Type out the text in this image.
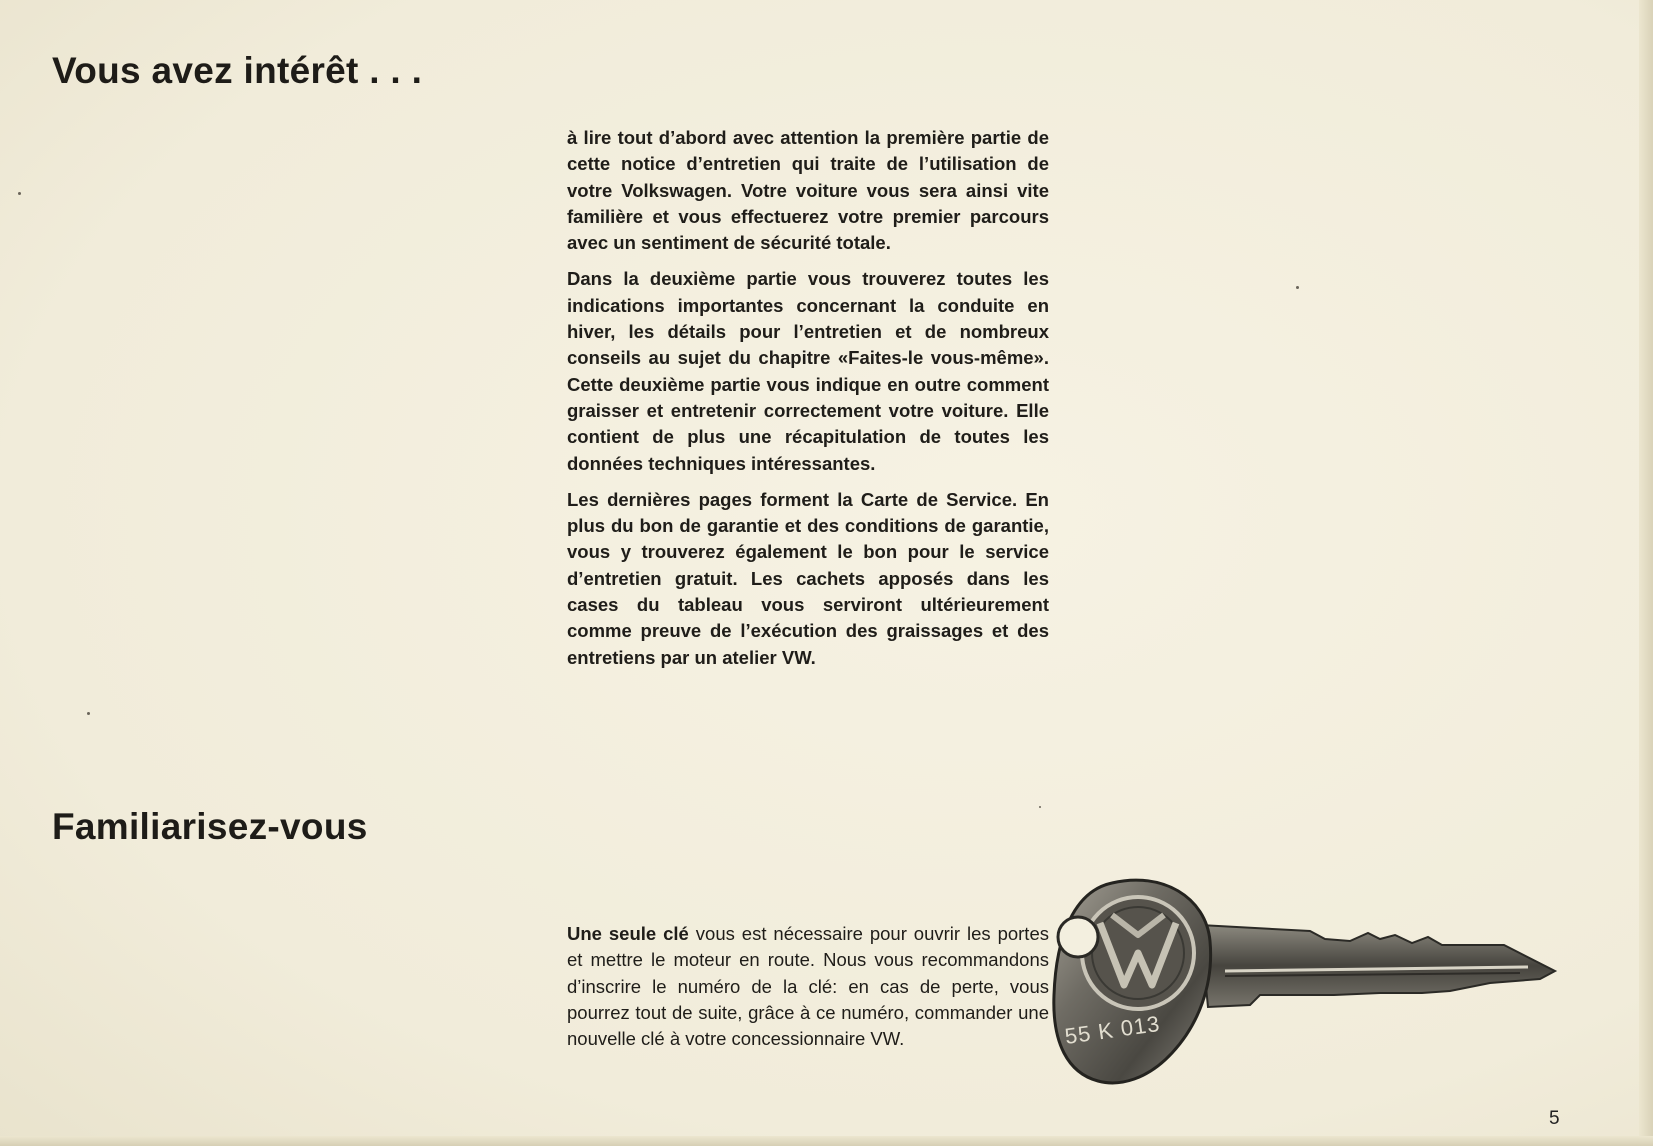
Vous avez intérêt . . .

à lire tout d’abord avec attention la première partie de cette notice d’entretien qui traite de l’utilisation de votre Volkswagen. Votre voiture vous sera ainsi vite familière et vous effectuerez votre premier parcours avec un sentiment de sécurité totale.

Dans la deuxième partie vous trouverez toutes les indications importantes concernant la conduite en hiver, les détails pour l’entretien et de nombreux conseils au sujet du chapitre «Faites-le vous-même». Cette deuxième partie vous indique en outre comment graisser et entretenir correctement votre voiture. Elle contient de plus une récapitulation de toutes les données techniques intéressantes.

Les dernières pages forment la Carte de Service. En plus du bon de garantie et des conditions de garantie, vous y trouverez également le bon pour le service d’entretien gratuit. Les cachets apposés dans les cases du tableau vous serviront ultérieurement comme preuve de l’exécution des graissages et des entretiens par un atelier VW.

Familiarisez-vous
Une seule clé vous est nécessaire pour ouvrir les portes et mettre le moteur en route. Nous vous recommandons d’inscrire le numéro de la clé: en cas de perte, vous pourrez tout de suite, grâce à ce numéro, commander une nouvelle clé à votre concessionnaire VW.	55 K 013
5
